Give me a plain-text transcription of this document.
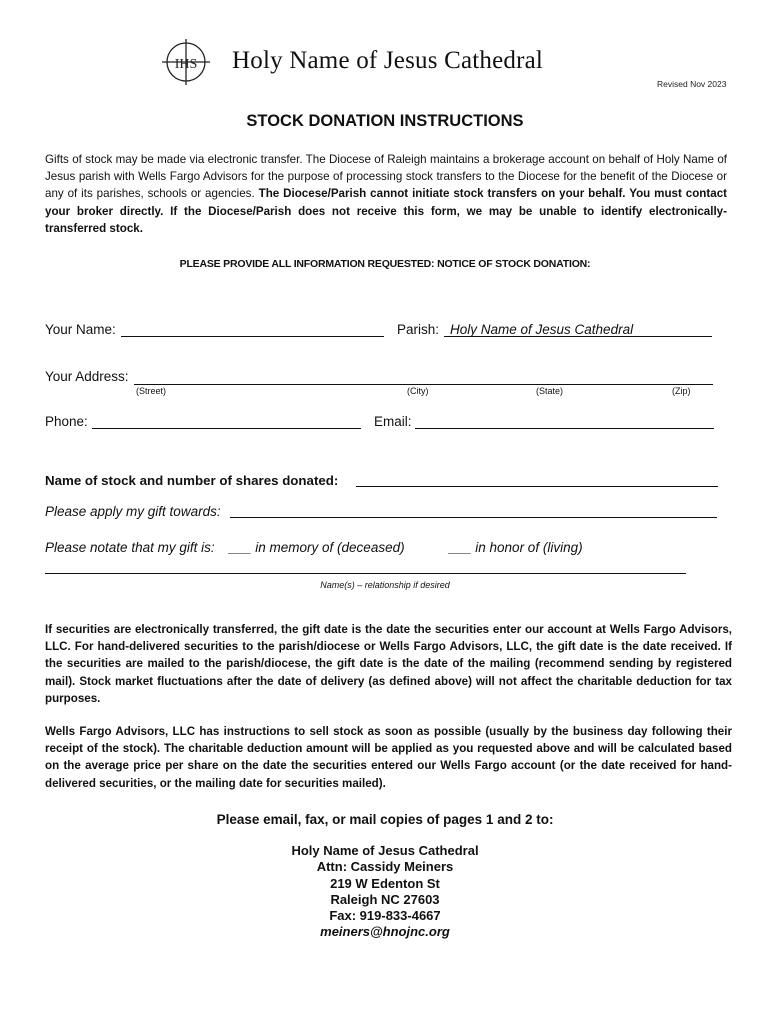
IHS Holy Name of Jesus Cathedral
Revised Nov 2023
STOCK DONATION INSTRUCTIONS
Gifts of stock may be made via electronic transfer. The Diocese of Raleigh maintains a brokerage account on behalf of Holy Name of Jesus parish with Wells Fargo Advisors for the purpose of processing stock transfers to the Diocese for the benefit of the Diocese or any of its parishes, schools or agencies. The Diocese/Parish cannot initiate stock transfers on your behalf. You must contact your broker directly. If the Diocese/Parish does not receive this form, we may be unable to identify electronically-transferred stock.
PLEASE PROVIDE ALL INFORMATION REQUESTED: NOTICE OF STOCK DONATION:
Your Name:	Parish: Holy Name of Jesus Cathedral
Your Address:
(Street)	(City)	(State)	(Zip)
Phone:	Email:
Name of stock and number of shares donated:
Please apply my gift towards:
Please notate that my gift is: ___ in memory of (deceased)	___ in honor of (living)
Name(s) – relationship if desired
If securities are electronically transferred, the gift date is the date the securities enter our account at Wells Fargo Advisors, LLC. For hand-delivered securities to the parish/diocese or Wells Fargo Advisors, LLC, the gift date is the date received. If the securities are mailed to the parish/diocese, the gift date is the date of the mailing (recommend sending by registered mail). Stock market fluctuations after the date of delivery (as defined above) will not affect the charitable deduction for tax purposes.
Wells Fargo Advisors, LLC has instructions to sell stock as soon as possible (usually by the business day following their receipt of the stock). The charitable deduction amount will be applied as you requested above and will be calculated based on the average price per share on the date the securities entered our Wells Fargo account (or the date received for hand-delivered securities, or the mailing date for securities mailed).
Please email, fax, or mail copies of pages 1 and 2 to:
Holy Name of Jesus Cathedral
Attn: Cassidy Meiners
219 W Edenton St
Raleigh NC 27603
Fax: 919-833-4667
meiners@hnojnc.org
